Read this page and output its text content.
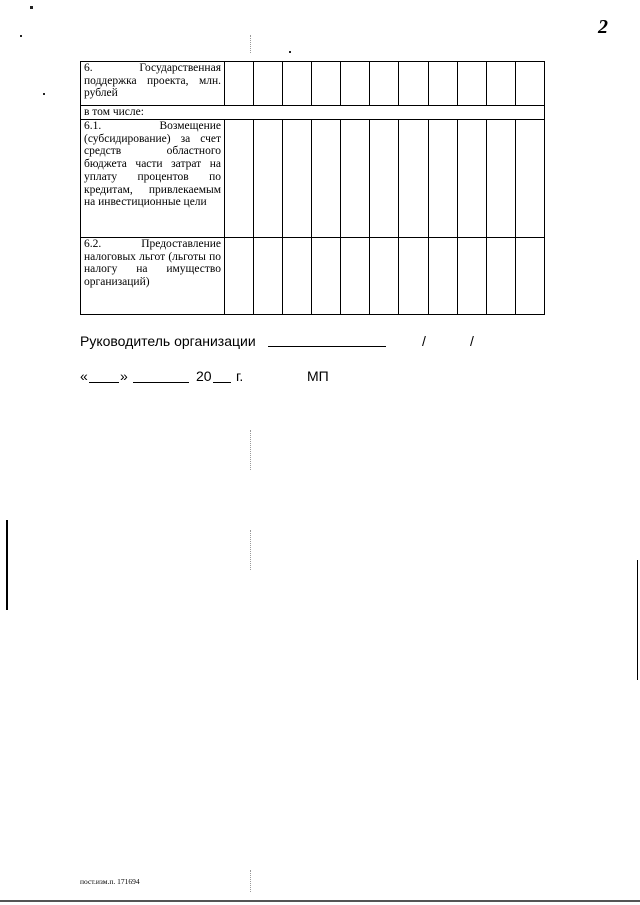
2
6. Государственная поддержка проекта, млн. рублей											
в том числе:											
6.1. Возмещение (субсидирование) за счет средств областного бюджета части затрат на уплату процентов по кредитам, привлекаемым на инвестиционные цели											
6.2. Предоставление налоговых льгот (льготы по налогу на имущество организаций)											
Руководитель организации	/	/
« »	20 г.	МП
пост.изм.п. 171694
